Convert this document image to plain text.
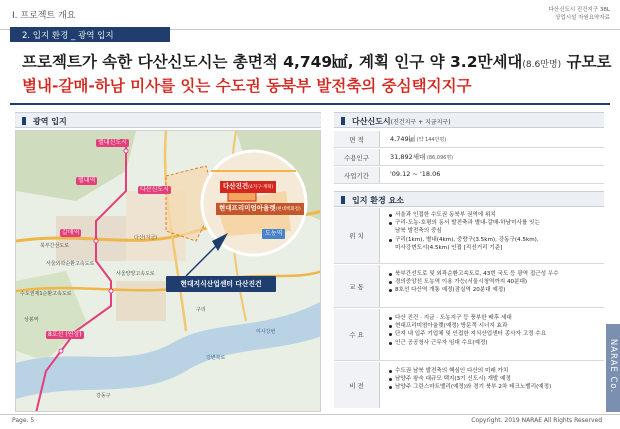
Ⅰ. 프로젝트 개요
다산신도시 진건지구 38L
상업시설 자원요약자료
2. 입지 환경 _ 광역 입지
프로젝트가 속한 다산신도시는 총면적 4,749㎢, 계획 인구 약 3.2만세대(8.6만명) 규모로
별내-갈매-하남 미사를 잇는 수도권 동북부 발전축의 중심택지지구
광역 입지
별내신도시
별내역
갈매역
다산신도시
8호선 (연장)
다산(지금)
북부간선도로
서울외곽순환고속도로
서울양양고속도로
수도권제1순환고속도로
미사강변
강동구
상봉역
구리
강변북로
다산진건(4지구·계획)
현대프리미엄아울렛(현대백화점)
도농역
현대지식산업센터 다산진건
다산신도시(진건지구 + 지금지구)
면 적	4,749㎢ (약 144만평)
수용인구	31,892세대 (86,096명)
사업기간	'09.12 ~ '18.06
입지 환경 요소
위 치
서울과 인접한 수도권 동북부 권역에 위치
구리-도농-호평의 동서 발전축과 별내-갈매-하남미사를 잇는
남북 발전축의 중심
구리(1km), 별내(4km), 중랑구(3.5km), 강동구(4.5km),
미사강변도시(4.5km) 인접 [직선거리 기준]
교 통
북부간선도로 및 외곽순환고속도로, 43번 국도 등 광역 접근성 우수
경의중앙선 도농역 이용 가능(서울시청역까지 40분대)
8호선 다산역 개통 예정(잠실역 20분대 예정)
수 요
다산 진건 · 지금 · 도농지구 등 풍부한 배후 세대
현대프리미엄아울렛(예정) 방문객 시너지 효과
단지 내 입주 기업체 및 인접한 지식산업센터 종사자 고정 수요
인근 공공청사 근무자 임대 수요(예정)
비 전
수도권 남북 발전축의 핵심인 다산의 미래 가치
남양주 왕숙 대규모 택지(3기 신도시) 개발 예정
남양주 그린스마트밸리(예정)와 경기 북부 2차 테크노밸리(예정)	NARAE Co.
Page. 5	Copyright. 2019 NARAE All Rights Reserved
